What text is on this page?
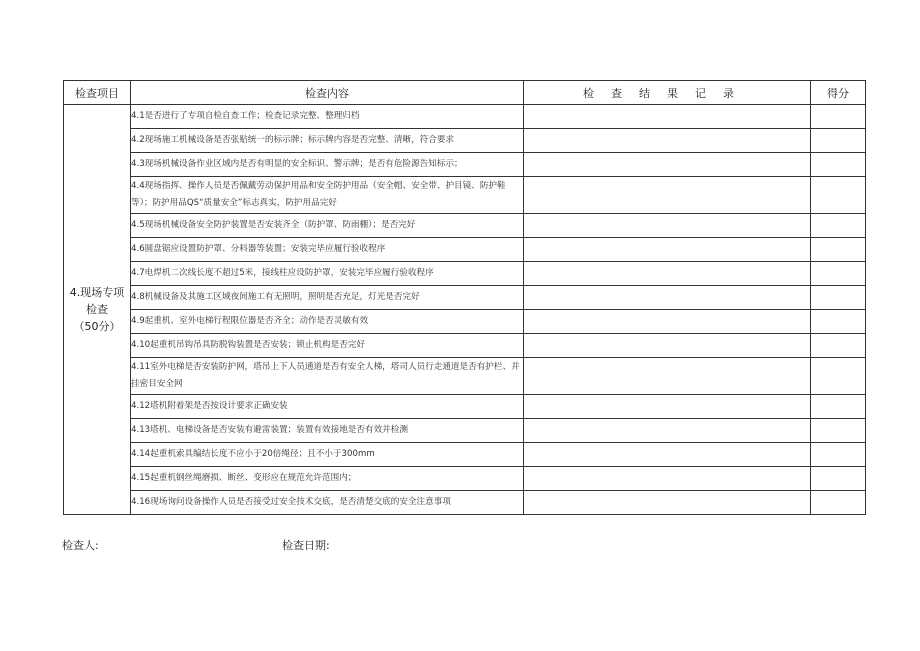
检查项目	检查内容	检查结果记录	得分

4.现场专项
检查
（50分）	4.1是否进行了专项自检自查工作；检查记录完整、整理归档		
	4.2现场施工机械设备是否张贴统一的标示牌；标示牌内容是否完整、清晰，符合要求		
	4.3现场机械设备作业区域内是否有明显的安全标识、警示牌；是否有危险源告知标示；		
	4.4现场指挥、操作人员是否佩戴劳动保护用品和安全防护用品（安全帽、安全带、护目镜、防护鞋等）；防护用品QS“质量安全”标志真实，防护用品完好		
	4.5现场机械设备安全防护装置是否安装齐全（防护罩、防雨棚）；是否完好		
	4.6圆盘锯应设置防护罩、分料器等装置；安装完毕应履行验收程序		
	4.7电焊机二次线长度不超过5米，接线柱应设防护罩，安装完毕应履行验收程序		
	4.8机械设备及其施工区域夜间施工有无照明，照明是否充足，灯光是否完好		
	4.9起重机、室外电梯行程限位器是否齐全；动作是否灵敏有效		
	4.10起重机吊钩吊具防脱钩装置是否安装；锁止机构是否完好		
	4.11室外电梯是否安装防护网，塔吊上下人员通道是否有安全人梯，塔司人员行走通道是否有护栏、并挂密目安全网		
	4.12塔机附着架是否按设计要求正确安装		
	4.13塔机、电梯设备是否安装有避雷装置；装置有效接地是否有效并检测		
	4.14起重机索具编结长度不应小于20倍绳径；且不小于300mm		
	4.15起重机钢丝绳磨损、断丝、变形应在规范允许范围内；		
	4.16现场询问设备操作人员是否接受过安全技术交底，是否清楚交底的安全注意事项		
检查人:	检查日期:
